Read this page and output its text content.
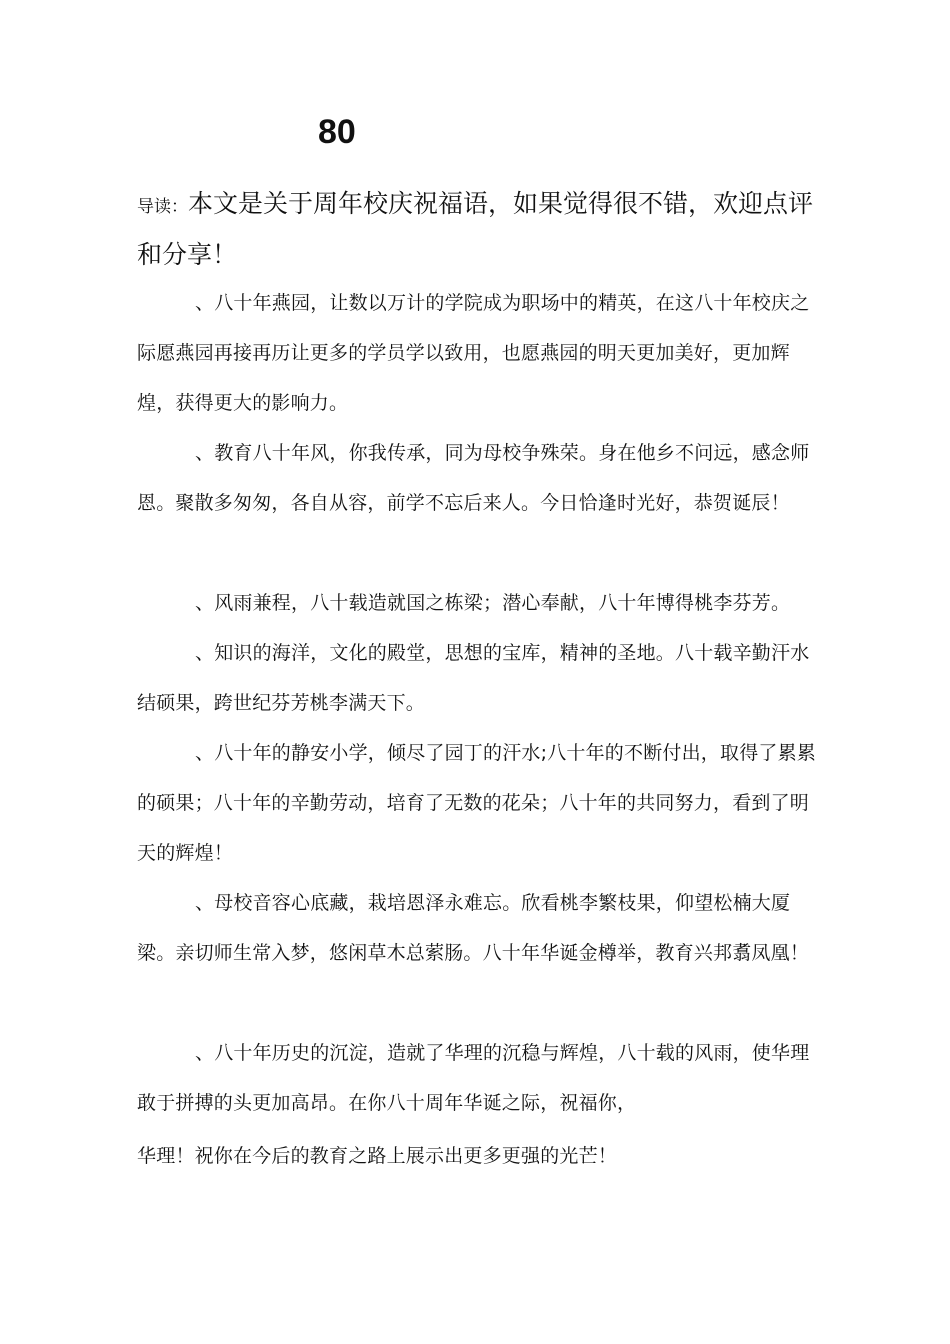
80

导读：本文是关于周年校庆祝福语，如果觉得很不错，欢迎点评和分享！

、八十年燕园，让数以万计的学院成为职场中的精英，在这八十年校庆之际愿燕园再接再历让更多的学员学以致用，也愿燕园的明天更加美好，更加辉煌，获得更大的影响力。

、教育八十年风，你我传承，同为母校争殊荣。身在他乡不问远，感念师恩。聚散多匆匆，各自从容，前学不忘后来人。今日恰逢时光好，恭贺诞辰！

、风雨兼程，八十载造就国之栋梁；潜心奉献，八十年博得桃李芬芳。

、知识的海洋，文化的殿堂，思想的宝库，精神的圣地。八十载辛勤汗水结硕果，跨世纪芬芳桃李满天下。

、八十年的静安小学，倾尽了园丁的汗水;八十年的不断付出，取得了累累的硕果；八十年的辛勤劳动，培育了无数的花朵；八十年的共同努力，看到了明天的辉煌！

、母校音容心底藏，栽培恩泽永难忘。欣看桃李繁枝果，仰望松楠大厦梁。亲切师生常入梦，悠闲草木总萦肠。八十年华诞金樽举，教育兴邦翥凤凰！

、八十年历史的沉淀，造就了华理的沉稳与辉煌，八十载的风雨，使华理敢于拼搏的头更加高昂。在你八十周年华诞之际，祝福你，

华理！祝你在今后的教育之路上展示出更多更强的光芒！
